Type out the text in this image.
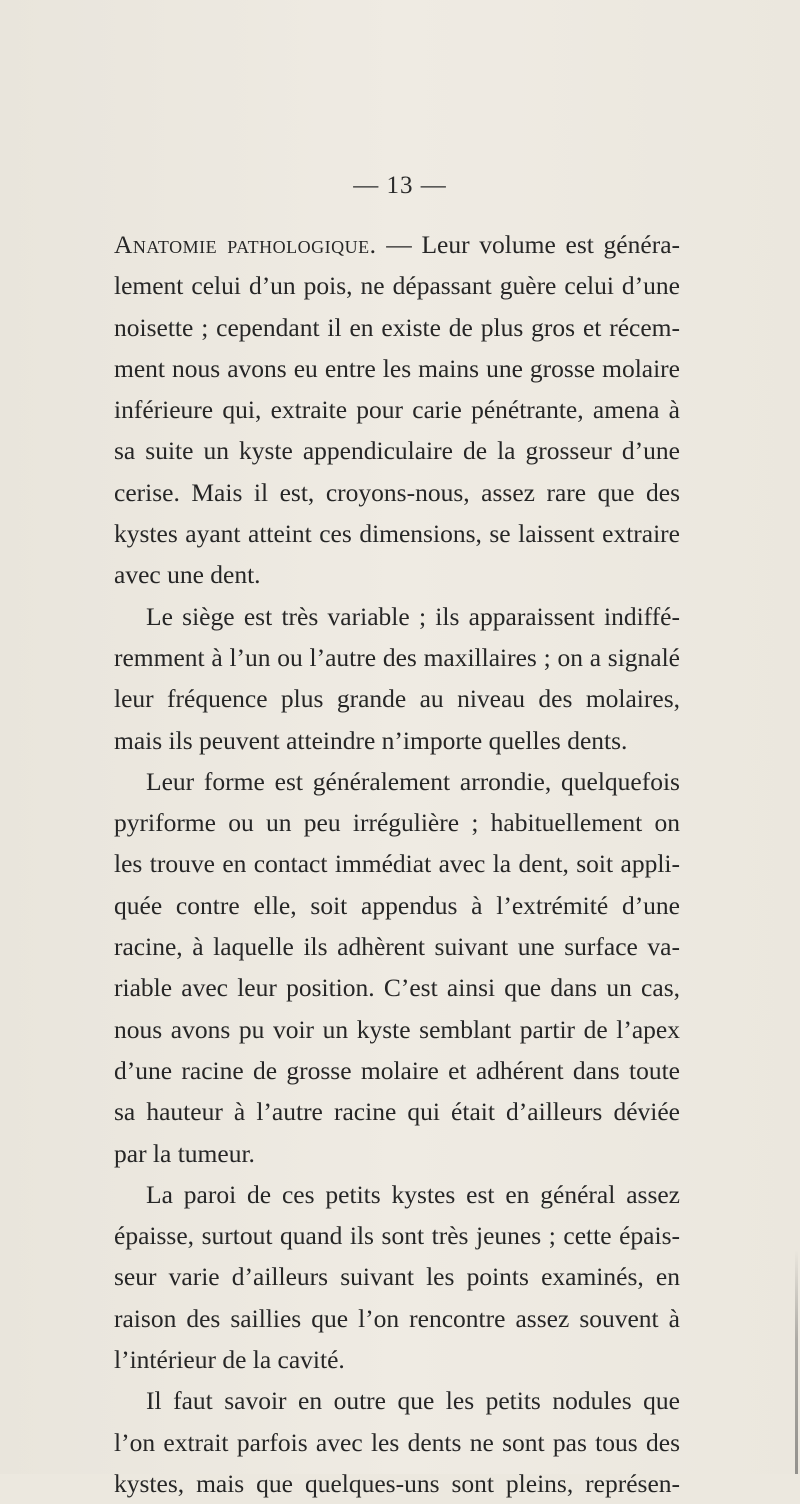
— 13 —
Anatomie pathologique. — Leur volume est généra-
lement celui d’un pois, ne dépassant guère celui d’une
noisette ; cependant il en existe de plus gros et récem-
ment nous avons eu entre les mains une grosse molaire
inférieure qui, extraite pour carie pénétrante, amena à
sa suite un kyste appendiculaire de la grosseur d’une
cerise. Mais il est, croyons-nous, assez rare que des
kystes ayant atteint ces dimensions, se laissent extraire
avec une dent.
Le siège est très variable ; ils apparaissent indiffé-
remment à l’un ou l’autre des maxillaires ; on a signalé
leur fréquence plus grande au niveau des molaires,
mais ils peuvent atteindre n’importe quelles dents.
Leur forme est généralement arrondie, quelquefois
pyriforme ou un peu irrégulière ; habituellement on
les trouve en contact immédiat avec la dent, soit appli-
quée contre elle, soit appendus à l’extrémité d’une
racine, à laquelle ils adhèrent suivant une surface va-
riable avec leur position. C’est ainsi que dans un cas,
nous avons pu voir un kyste semblant partir de l’apex
d’une racine de grosse molaire et adhérent dans toute
sa hauteur à l’autre racine qui était d’ailleurs déviée
par la tumeur.
La paroi de ces petits kystes est en général assez
épaisse, surtout quand ils sont très jeunes ; cette épais-
seur varie d’ailleurs suivant les points examinés, en
raison des saillies que l’on rencontre assez souvent à
l’intérieur de la cavité.
Il faut savoir en outre que les petits nodules que
l’on extrait parfois avec les dents ne sont pas tous des
kystes, mais que quelques-uns sont pleins, représen-
